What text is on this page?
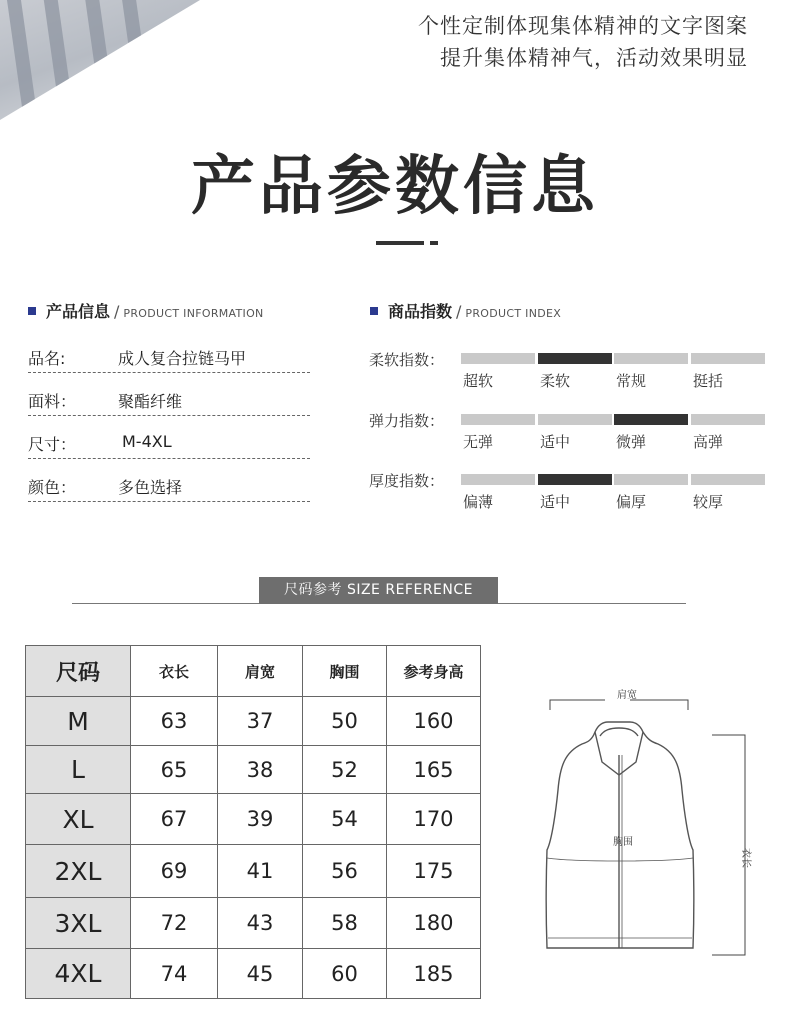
个性定制体现集体精神的文字图案
提升集体精神气，活动效果明显
产品参数信息
产品信息 / PRODUCT INFORMATION
品名:	成人复合拉链马甲
面料：	聚酯纤维
尺寸：	M-4XL
颜色：	多色选择
商品指数 / PRODUCT INDEX
柔软指数：
超软	柔软	常规	挺括
弹力指数：
无弹	适中	微弹	高弹
厚度指数：
偏薄	适中	偏厚	较厚
尺码参考 SIZE REFERENCE
尺码	衣长	肩宽	胸围	参考身高
M	63	37	50	160
L	65	38	52	165
XL	67	39	54	170
2XL	69	41	56	175
3XL	72	43	58	180
4XL	74	45	60	185
肩宽
胸围
衣长
